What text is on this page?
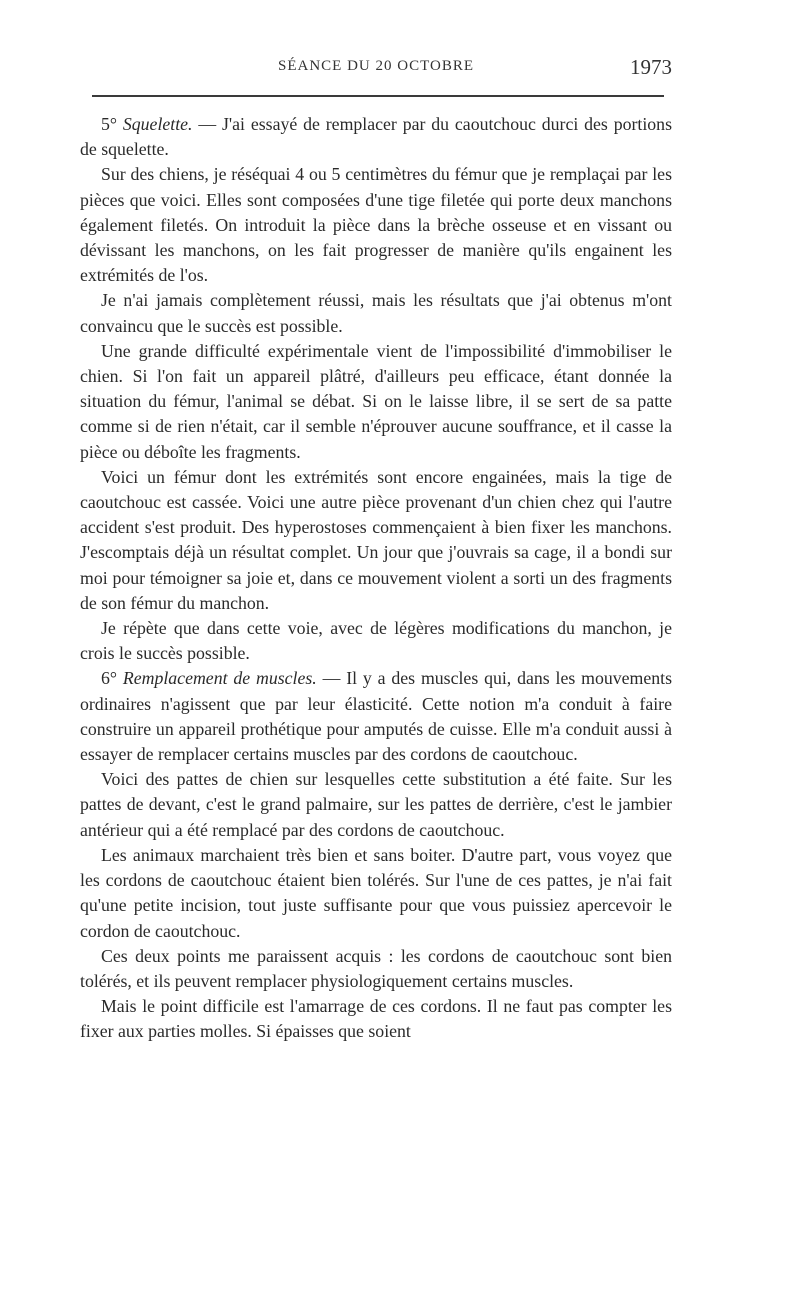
SÉANCE DU 20 OCTOBRE	1973

5° Squelette. — J'ai essayé de remplacer par du caoutchouc durci des portions de squelette.

Sur des chiens, je réséquai 4 ou 5 centimètres du fémur que je remplaçai par les pièces que voici. Elles sont composées d'une tige filetée qui porte deux manchons également filetés. On introduit la pièce dans la brèche osseuse et en vissant ou dévissant les manchons, on les fait progresser de manière qu'ils engainent les extrémités de l'os.

Je n'ai jamais complètement réussi, mais les résultats que j'ai obtenus m'ont convaincu que le succès est possible.

Une grande difficulté expérimentale vient de l'impossibilité d'immobiliser le chien. Si l'on fait un appareil plâtré, d'ailleurs peu efficace, étant donnée la situation du fémur, l'animal se débat. Si on le laisse libre, il se sert de sa patte comme si de rien n'était, car il semble n'éprouver aucune souffrance, et il casse la pièce ou déboîte les fragments.

Voici un fémur dont les extrémités sont encore engainées, mais la tige de caoutchouc est cassée. Voici une autre pièce provenant d'un chien chez qui l'autre accident s'est produit. Des hyperostoses commençaient à bien fixer les manchons. J'escomptais déjà un résultat complet. Un jour que j'ouvrais sa cage, il a bondi sur moi pour témoigner sa joie et, dans ce mouvement violent a sorti un des fragments de son fémur du manchon.

Je répète que dans cette voie, avec de légères modifications du manchon, je crois le succès possible.

6° Remplacement de muscles. — Il y a des muscles qui, dans les mouvements ordinaires n'agissent que par leur élasticité. Cette notion m'a conduit à faire construire un appareil prothétique pour amputés de cuisse. Elle m'a conduit aussi à essayer de remplacer certains muscles par des cordons de caoutchouc.

Voici des pattes de chien sur lesquelles cette substitution a été faite. Sur les pattes de devant, c'est le grand palmaire, sur les pattes de derrière, c'est le jambier antérieur qui a été remplacé par des cordons de caoutchouc.

Les animaux marchaient très bien et sans boiter. D'autre part, vous voyez que les cordons de caoutchouc étaient bien tolérés. Sur l'une de ces pattes, je n'ai fait qu'une petite incision, tout juste suffisante pour que vous puissiez apercevoir le cordon de caoutchouc.

Ces deux points me paraissent acquis : les cordons de caoutchouc sont bien tolérés, et ils peuvent remplacer physiologiquement certains muscles.

Mais le point difficile est l'amarrage de ces cordons. Il ne faut pas compter les fixer aux parties molles. Si épaisses que soient
